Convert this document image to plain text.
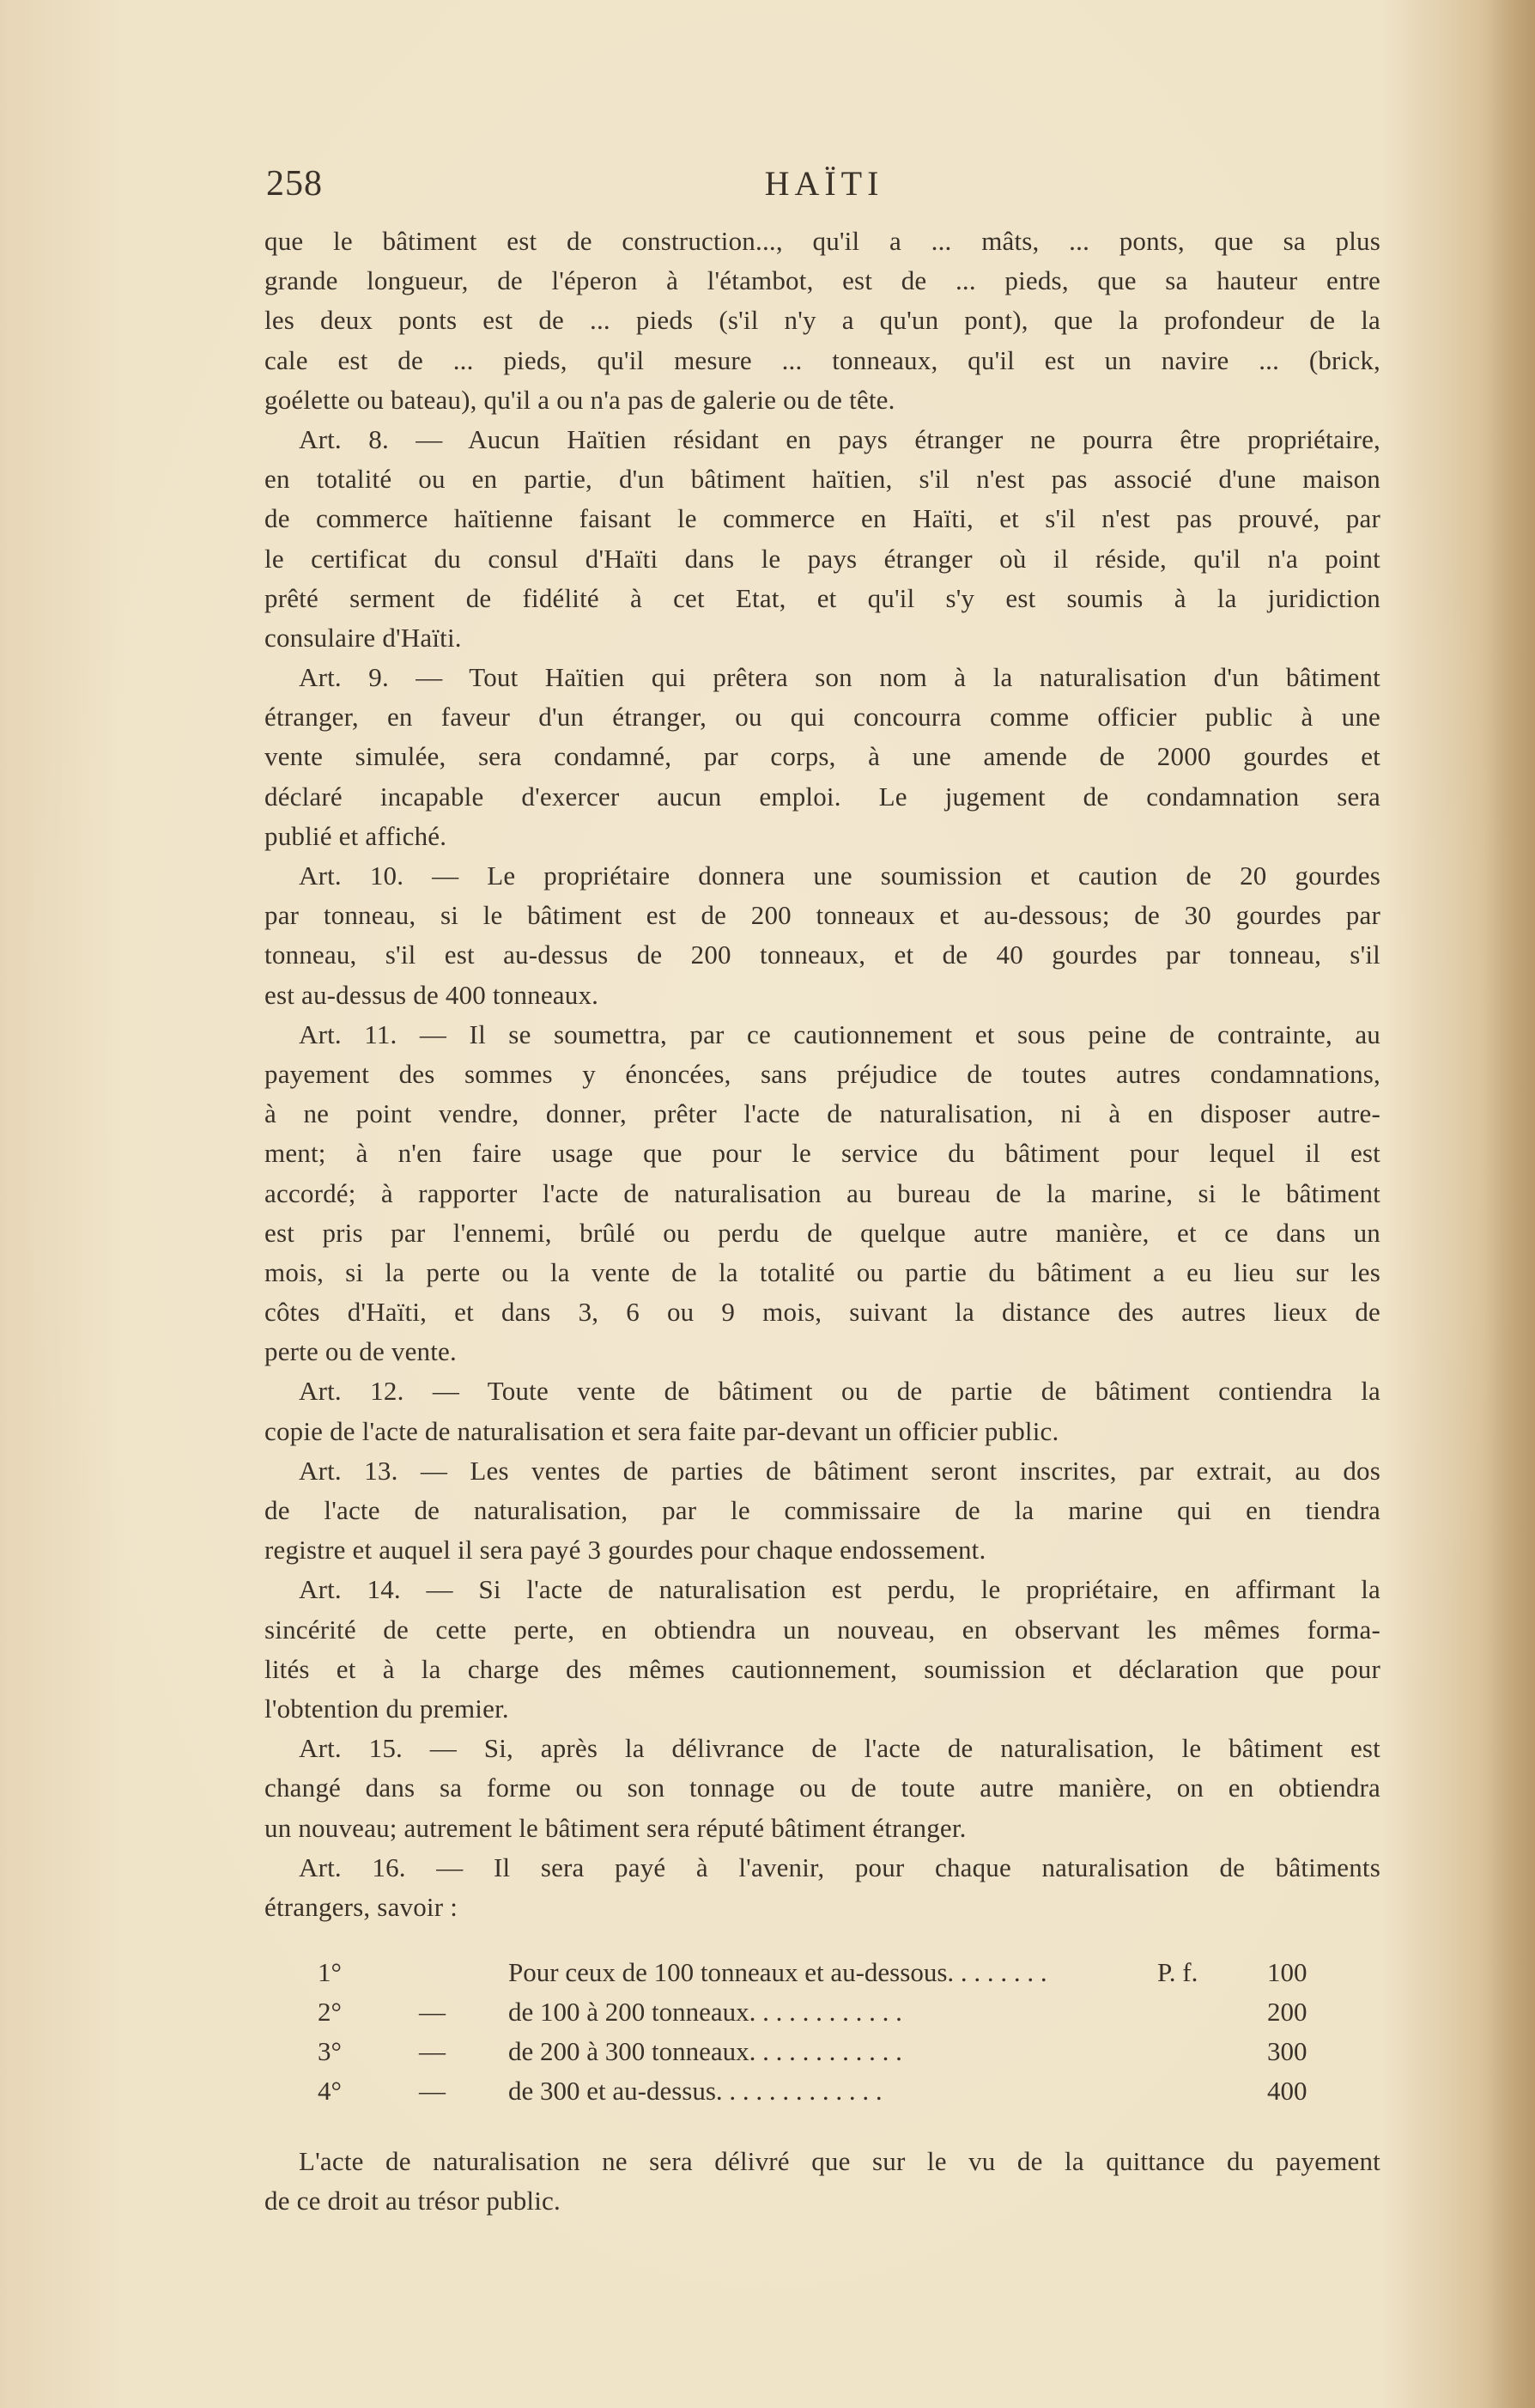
258	HAÏTI
que le bâtiment est de construction..., qu'il a ... mâts, ... ponts, que sa plus
grande longueur, de l'éperon à l'étambot, est de ... pieds, que sa hauteur entre
les deux ponts est de ... pieds (s'il n'y a qu'un pont), que la profondeur de la
cale est de ... pieds, qu'il mesure ... tonneaux, qu'il est un navire ... (brick,
goélette ou bateau), qu'il a ou n'a pas de galerie ou de tête.
Art. 8. — Aucun Haïtien résidant en pays étranger ne pourra être propriétaire,
en totalité ou en partie, d'un bâtiment haïtien, s'il n'est pas associé d'une maison
de commerce haïtienne faisant le commerce en Haïti, et s'il n'est pas prouvé, par
le certificat du consul d'Haïti dans le pays étranger où il réside, qu'il n'a point
prêté serment de fidélité à cet Etat, et qu'il s'y est soumis à la juridiction
consulaire d'Haïti.
Art. 9. — Tout Haïtien qui prêtera son nom à la naturalisation d'un bâtiment
étranger, en faveur d'un étranger, ou qui concourra comme officier public à une
vente simulée, sera condamné, par corps, à une amende de 2000 gourdes et
déclaré incapable d'exercer aucun emploi. Le jugement de condamnation sera
publié et affiché.
Art. 10. — Le propriétaire donnera une soumission et caution de 20 gourdes
par tonneau, si le bâtiment est de 200 tonneaux et au-dessous; de 30 gourdes par
tonneau, s'il est au-dessus de 200 tonneaux, et de 40 gourdes par tonneau, s'il
est au-dessus de 400 tonneaux.
Art. 11. — Il se soumettra, par ce cautionnement et sous peine de contrainte, au
payement des sommes y énoncées, sans préjudice de toutes autres condamnations,
à ne point vendre, donner, prêter l'acte de naturalisation, ni à en disposer autre-
ment; à n'en faire usage que pour le service du bâtiment pour lequel il est
accordé; à rapporter l'acte de naturalisation au bureau de la marine, si le bâtiment
est pris par l'ennemi, brûlé ou perdu de quelque autre manière, et ce dans un
mois, si la perte ou la vente de la totalité ou partie du bâtiment a eu lieu sur les
côtes d'Haïti, et dans 3, 6 ou 9 mois, suivant la distance des autres lieux de
perte ou de vente.
Art. 12. — Toute vente de bâtiment ou de partie de bâtiment contiendra la
copie de l'acte de naturalisation et sera faite par-devant un officier public.
Art. 13. — Les ventes de parties de bâtiment seront inscrites, par extrait, au dos
de l'acte de naturalisation, par le commissaire de la marine qui en tiendra
registre et auquel il sera payé 3 gourdes pour chaque endossement.
Art. 14. — Si l'acte de naturalisation est perdu, le propriétaire, en affirmant la
sincérité de cette perte, en obtiendra un nouveau, en observant les mêmes forma-
lités et à la charge des mêmes cautionnement, soumission et déclaration que pour
l'obtention du premier.
Art. 15. — Si, après la délivrance de l'acte de naturalisation, le bâtiment est
changé dans sa forme ou son tonnage ou de toute autre manière, on en obtiendra
un nouveau; autrement le bâtiment sera réputé bâtiment étranger.
Art. 16. — Il sera payé à l'avenir, pour chaque naturalisation de bâtiments
étrangers, savoir :
1°	Pour ceux de 100 tonneaux et au-dessous. . . . . . . .	P. f.	100
2°	— de 100 à 200 tonneaux. . . . . . . . . . . .	200
3°	— de 200 à 300 tonneaux. . . . . . . . . . . .	300
4°	— de 300 et au-dessus. . . . . . . . . . . . .	400
L'acte de naturalisation ne sera délivré que sur le vu de la quittance du payement
de ce droit au trésor public.
